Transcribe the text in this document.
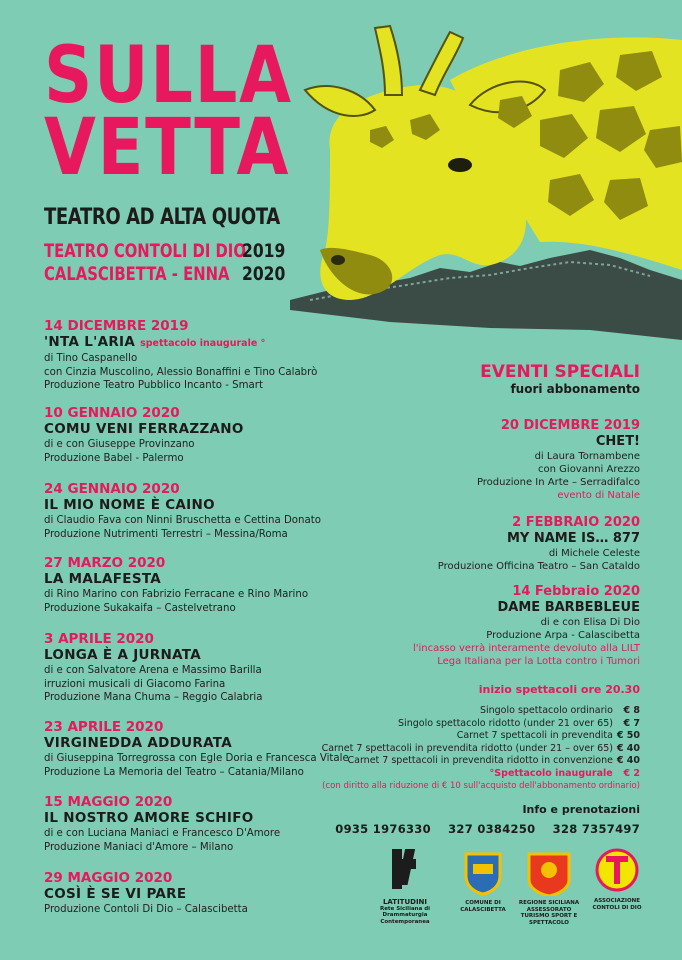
SULLA
VETTA
TEATRO AD ALTA QUOTA
TEATRO CONTOLI DI DIO
CALASCIBETTA - ENNA
2019
2020
14 DICEMBRE 2019
'NTA L'ARIA spettacolo inaugurale °
di Tino Caspanello
con Cinzia Muscolino, Alessio Bonaffini e Tino Calabrò
Produzione Teatro Pubblico Incanto - Smart
10 GENNAIO 2020
COMU VENI FERRAZZANO
di e con Giuseppe Provinzano
Produzione Babel - Palermo
24 GENNAIO 2020
IL MIO NOME È CAINO
di Claudio Fava con Ninni Bruschetta e Cettina Donato
Produzione Nutrimenti Terrestri – Messina/Roma
27 MARZO 2020
LA MALAFESTA
di Rino Marino con Fabrizio Ferracane e Rino Marino
Produzione Sukakaifa – Castelvetrano
3 APRILE 2020
LONGA È A JURNATA
di e con Salvatore Arena e Massimo Barilla
irruzioni musicali di Giacomo Farina
Produzione Mana Chuma – Reggio Calabria
23 APRILE 2020
VIRGINEDDA ADDURATA
di Giuseppina Torregrossa con Egle Doria e Francesca Vitale
Produzione La Memoria del Teatro – Catania/Milano
15 MAGGIO 2020
IL NOSTRO AMORE SCHIFO
di e con Luciana Maniaci e Francesco D'Amore
Produzione Maniaci d'Amore – Milano
29 MAGGIO 2020
COSÌ È SE VI PARE
Produzione Contoli Di Dio – Calascibetta
EVENTI SPECIALI
fuori abbonamento
20 DICEMBRE 2019
CHET!
di Laura Tornambene
con Giovanni Arezzo
Produzione In Arte – Serradifalco
evento di Natale
2 FEBBRAIO 2020
MY NAME IS… 877
di Michele Celeste
Produzione Officina Teatro – San Cataldo
14 Febbraio 2020
DAME BARBEBLEUE
di e con Elisa Di Dio
Produzione Arpa - Calascibetta
l'incasso verrà interamente devoluto alla LILT
Lega Italiana per la Lotta contro i Tumori
inizio spettacoli ore 20.30
Singolo spettacolo ordinario € 8
Singolo spettacolo ridotto (under 21 over 65) € 7
Carnet 7 spettacoli in prevendita € 50
Carnet 7 spettacoli in prevendita ridotto (under 21 – over 65) € 40
Carnet 7 spettacoli in prevendita ridotto in convenzione € 40
°Spettacolo inaugurale € 2
(con diritto alla riduzione di € 10 sull'acquisto dell'abbonamento ordinario)
Info e prenotazioni
0935 1976330 327 0384250 328 7357497
LATITUDINI
Rete Siciliana di Drammaturgia Contemporanea
COMUNE DI CALASCIBETTA
REGIONE SICILIANA
ASSESSORATO TURISMO SPORT E SPETTACOLO
ASSOCIAZIONE CONTOLI DI DIO
